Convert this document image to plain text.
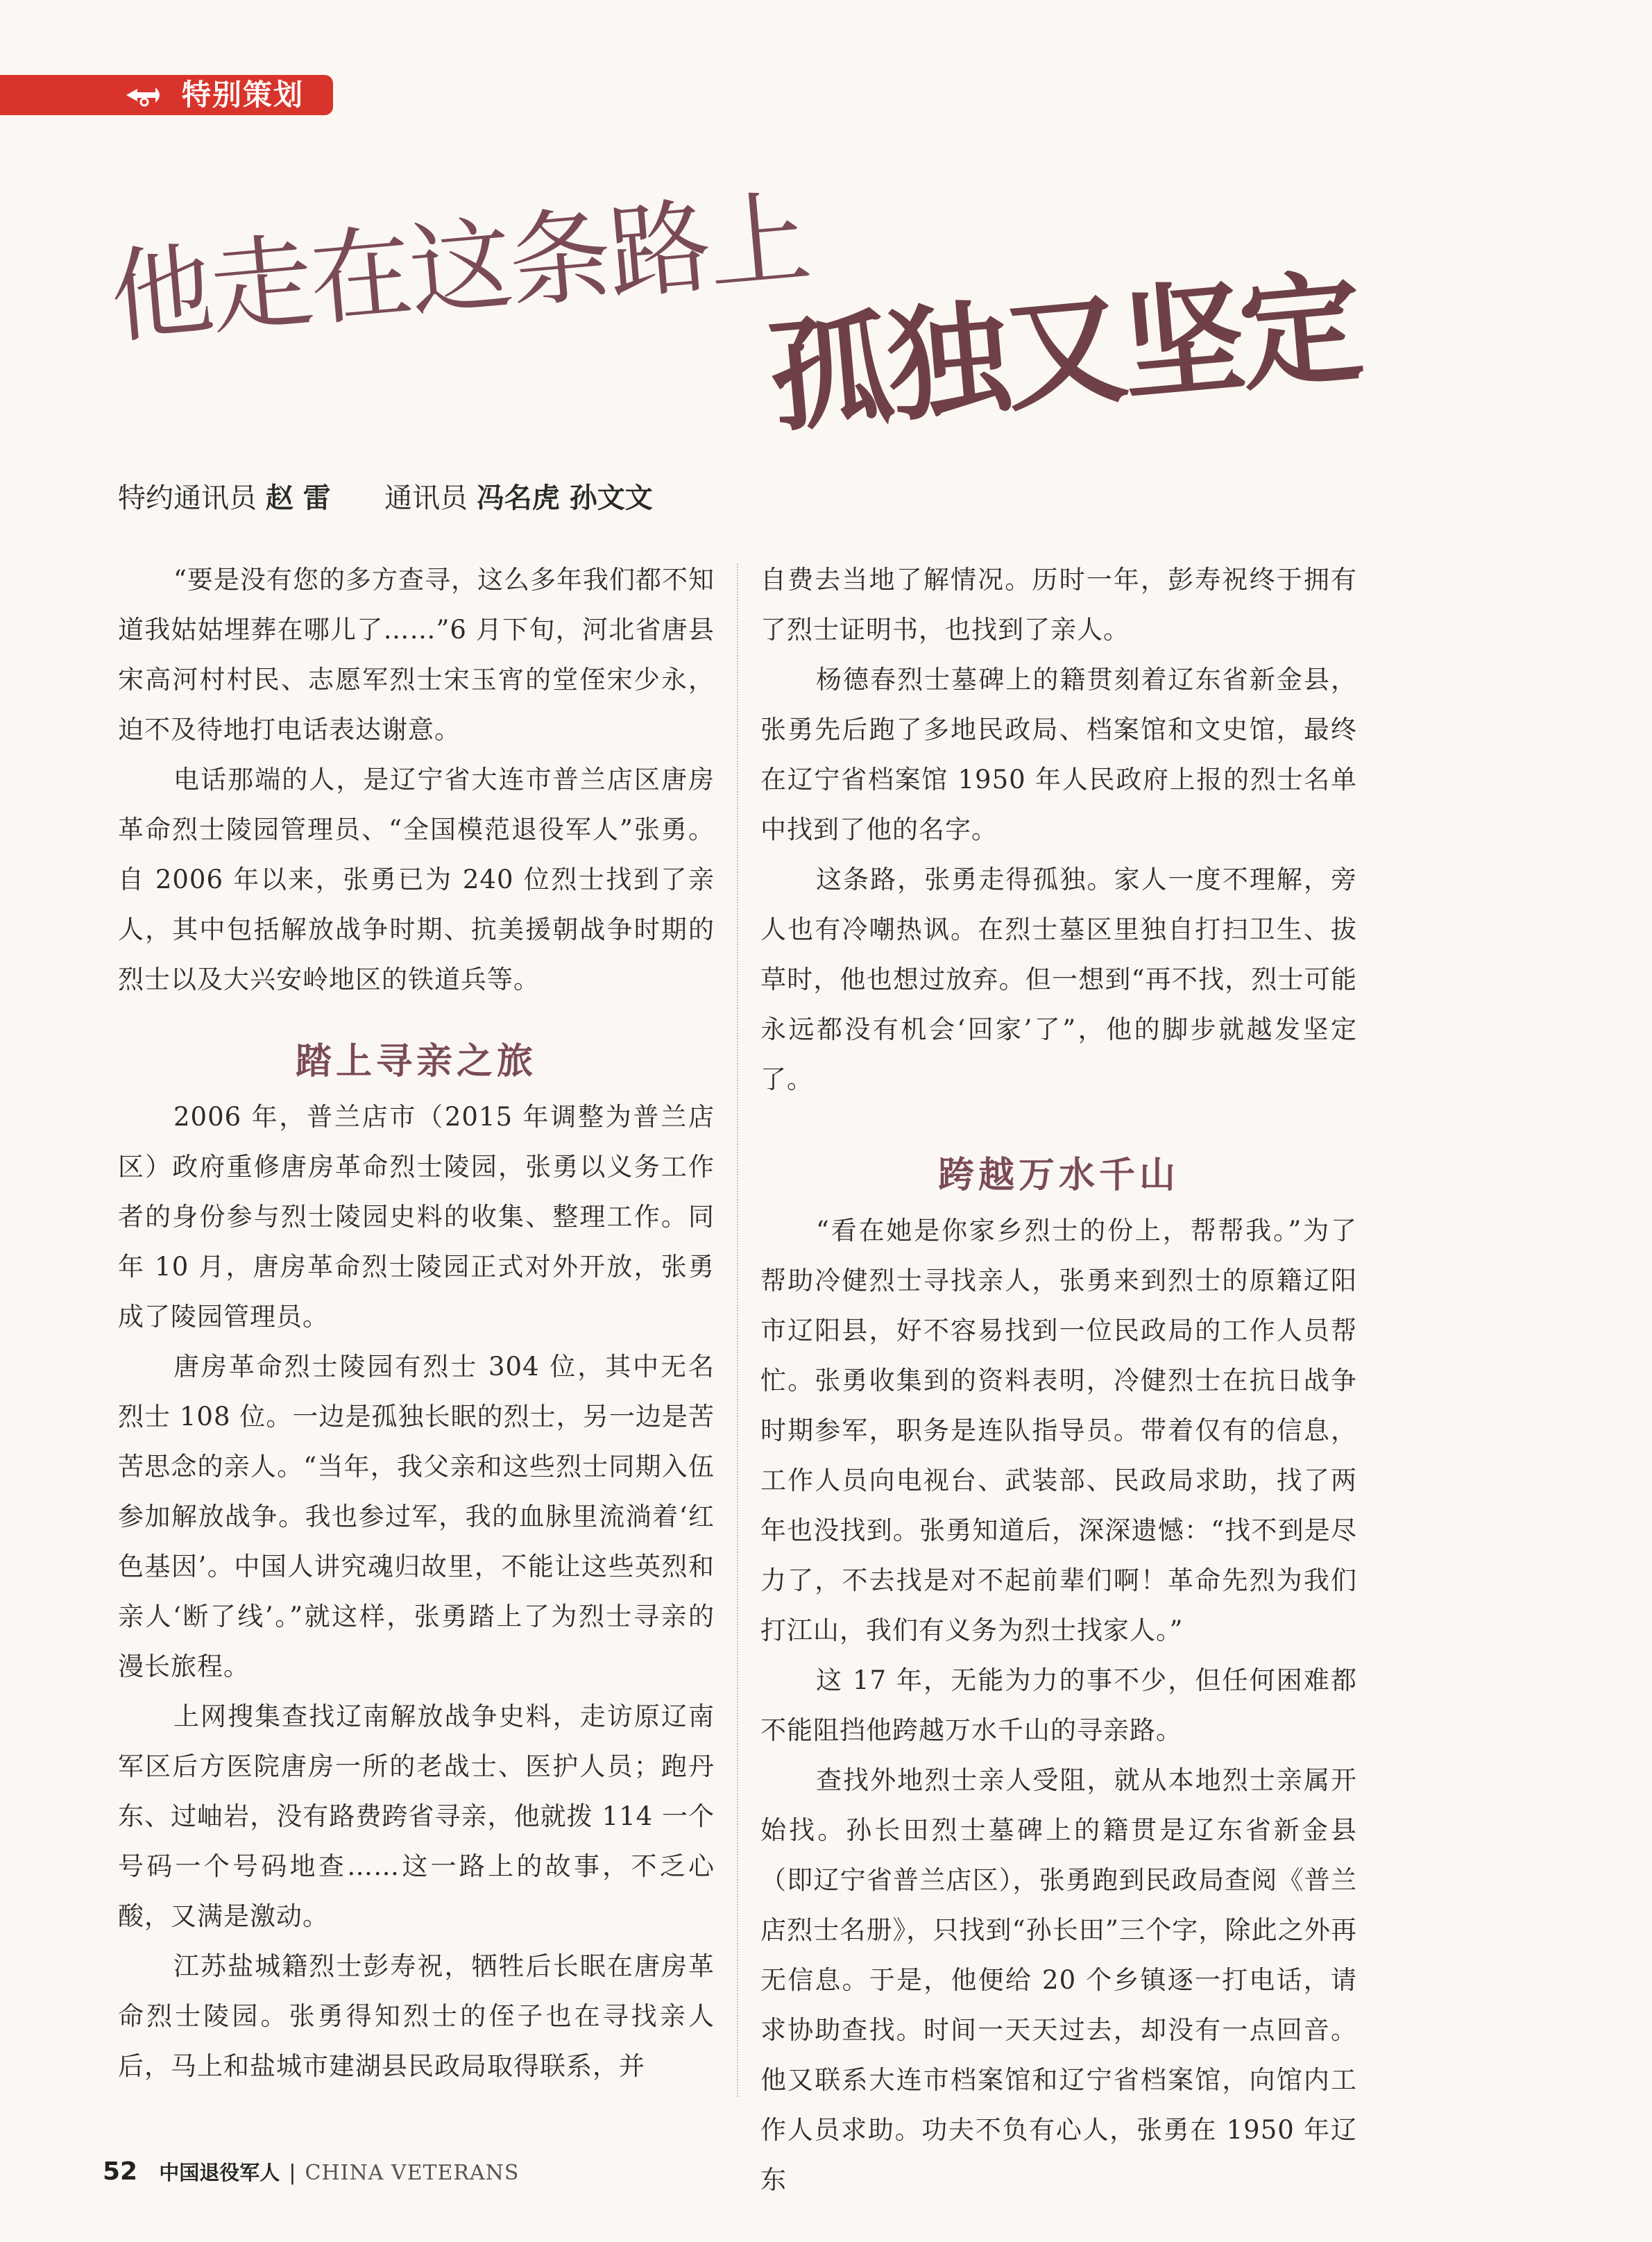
特别策划
他走在这条路上
孤独又坚定
特约通讯员 赵 雷 通讯员 冯名虎 孙文文

“要是没有您的多方查寻，这么多年我们都不知道我姑姑埋葬在哪儿了……”6 月下旬，河北省唐县宋高河村村民、志愿军烈士宋玉宵的堂侄宋少永，迫不及待地打电话表达谢意。

电话那端的人，是辽宁省大连市普兰店区唐房革命烈士陵园管理员、“全国模范退役军人”张勇。自 2006 年以来，张勇已为 240 位烈士找到了亲人，其中包括解放战争时期、抗美援朝战争时期的烈士以及大兴安岭地区的铁道兵等。

踏上寻亲之旅

2006 年，普兰店市（2015 年调整为普兰店区）政府重修唐房革命烈士陵园，张勇以义务工作者的身份参与烈士陵园史料的收集、整理工作。同年 10 月，唐房革命烈士陵园正式对外开放，张勇成了陵园管理员。

唐房革命烈士陵园有烈士 304 位，其中无名烈士 108 位。一边是孤独长眠的烈士，另一边是苦苦思念的亲人。“当年，我父亲和这些烈士同期入伍参加解放战争。我也参过军，我的血脉里流淌着‘红色基因’。中国人讲究魂归故里，不能让这些英烈和亲人‘断了线’。”就这样，张勇踏上了为烈士寻亲的漫长旅程。

上网搜集查找辽南解放战争史料，走访原辽南军区后方医院唐房一所的老战士、医护人员；跑丹东、过岫岩，没有路费跨省寻亲，他就拨 114 一个号码一个号码地查……这一路上的故事，不乏心酸，又满是激动。

江苏盐城籍烈士彭寿祝，牺牲后长眠在唐房革命烈士陵园。张勇得知烈士的侄子也在寻找亲人后，马上和盐城市建湖县民政局取得联系，并

自费去当地了解情况。历时一年，彭寿祝终于拥有了烈士证明书，也找到了亲人。

杨德春烈士墓碑上的籍贯刻着辽东省新金县，张勇先后跑了多地民政局、档案馆和文史馆，最终在辽宁省档案馆 1950 年人民政府上报的烈士名单中找到了他的名字。

这条路，张勇走得孤独。家人一度不理解，旁人也有冷嘲热讽。在烈士墓区里独自打扫卫生、拔草时，他也想过放弃。但一想到“再不找，烈士可能永远都没有机会‘回家’了”，他的脚步就越发坚定了。

跨越万水千山

“看在她是你家乡烈士的份上，帮帮我。”为了帮助冷健烈士寻找亲人，张勇来到烈士的原籍辽阳市辽阳县，好不容易找到一位民政局的工作人员帮忙。张勇收集到的资料表明，冷健烈士在抗日战争时期参军，职务是连队指导员。带着仅有的信息，工作人员向电视台、武装部、民政局求助，找了两年也没找到。张勇知道后，深深遗憾：“找不到是尽力了，不去找是对不起前辈们啊！革命先烈为我们打江山，我们有义务为烈士找家人。”

这 17 年，无能为力的事不少，但任何困难都不能阻挡他跨越万水千山的寻亲路。

查找外地烈士亲人受阻，就从本地烈士亲属开始找。孙长田烈士墓碑上的籍贯是辽东省新金县（即辽宁省普兰店区），张勇跑到民政局查阅《普兰店烈士名册》，只找到“孙长田”三个字，除此之外再无信息。于是，他便给 20 个乡镇逐一打电话，请求协助查找。时间一天天过去，却没有一点回音。他又联系大连市档案馆和辽宁省档案馆，向馆内工作人员求助。功夫不负有心人，张勇在 1950 年辽东

52 中国退役军人 | CHINA VETERANS
